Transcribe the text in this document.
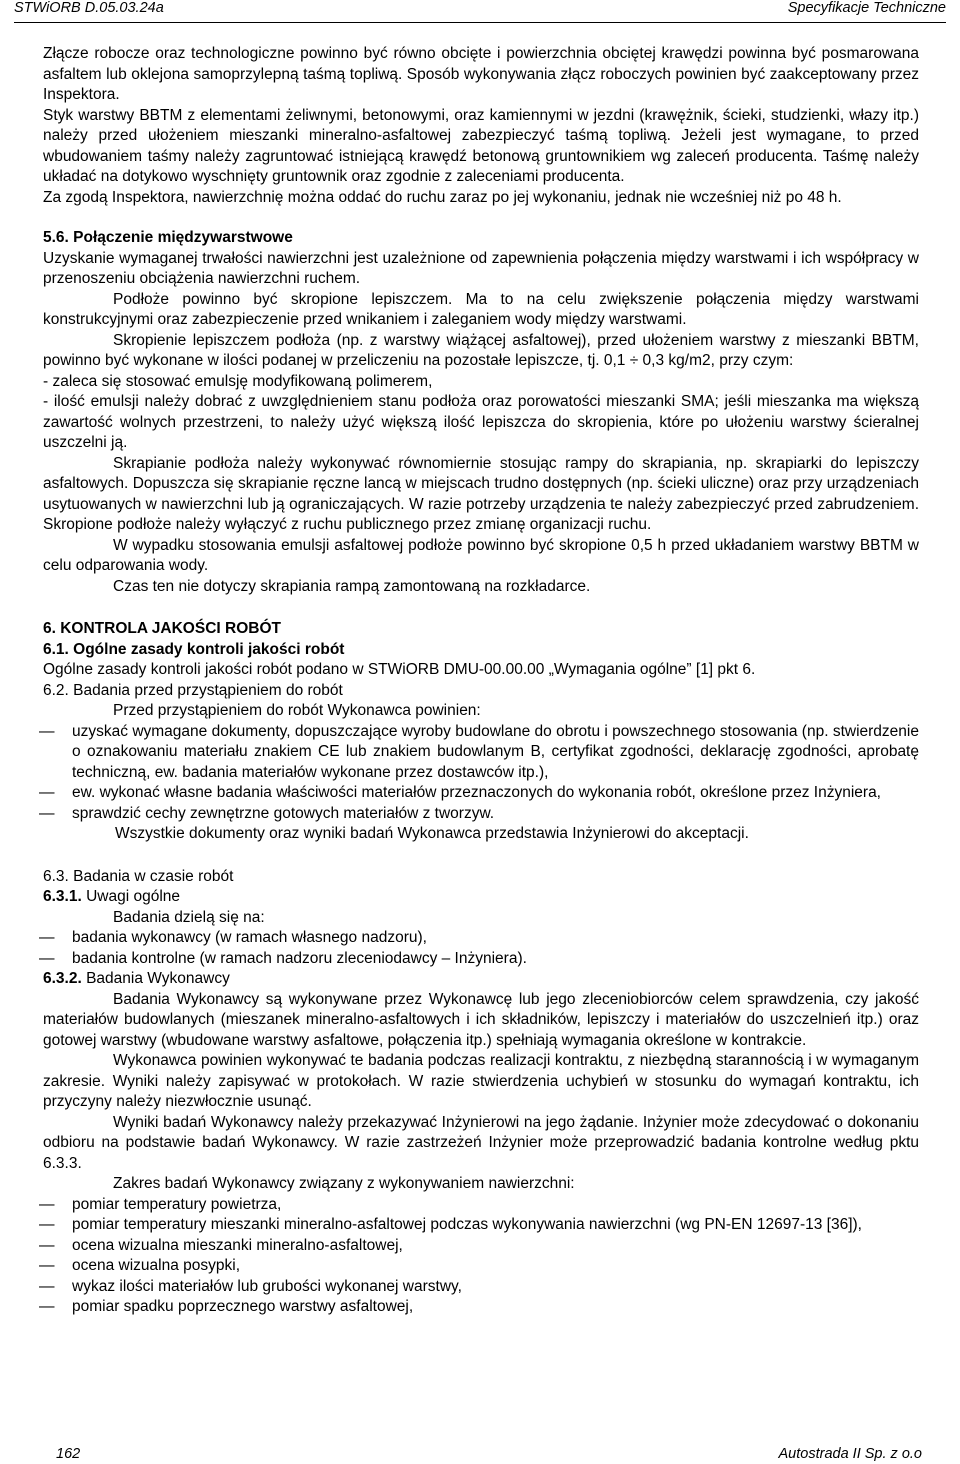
STWiORB D.05.03.24a	Specyfikacje Techniczne

Złącze robocze oraz technologiczne powinno być równo obcięte i powierzchnia obciętej krawędzi powinna być posmarowana asfaltem lub oklejona samoprzylepną taśmą topliwą. Sposób wykonywania złącz roboczych powinien być zaakceptowany przez Inspektora.

Styk warstwy BBTM z elementami żeliwnymi, betonowymi, oraz kamiennymi w jezdni (krawężnik, ścieki, studzienki, włazy itp.) należy przed ułożeniem mieszanki mineralno-asfaltowej zabezpieczyć taśmą topliwą. Jeżeli jest wymagane, to przed wbudowaniem taśmy należy zagruntować istniejącą krawędź betonową gruntownikiem wg zaleceń producenta. Taśmę należy układać na dotykowo wyschnięty gruntownik oraz zgodnie z zaleceniami producenta.

Za zgodą Inspektora, nawierzchnię można oddać do ruchu zaraz po jej wykonaniu, jednak nie wcześniej niż po 48 h.

5.6. Połączenie międzywarstwowe

Uzyskanie wymaganej trwałości nawierzchni jest uzależnione od zapewnienia połączenia między warstwami i ich współpracy w przenoszeniu obciążenia nawierzchni ruchem.

Podłoże powinno być skropione lepiszczem. Ma to na celu zwiększenie połączenia między warstwami konstrukcyjnymi oraz zabezpieczenie przed wnikaniem i zaleganiem wody między warstwami.

Skropienie lepiszczem podłoża (np. z warstwy wiążącej asfaltowej), przed ułożeniem warstwy z mieszanki BBTM, powinno być wykonane w ilości podanej w przeliczeniu na pozostałe lepiszcze, tj. 0,1 ÷ 0,3 kg/m2, przy czym:

- zaleca się stosować emulsję modyfikowaną polimerem,

- ilość emulsji należy dobrać z uwzględnieniem stanu podłoża oraz porowatości mieszanki SMA; jeśli mieszanka ma większą zawartość wolnych przestrzeni, to należy użyć większą ilość lepiszcza do skropienia, które po ułożeniu warstwy ścieralnej uszczelni ją.

Skrapianie podłoża należy wykonywać równomiernie stosując rampy do skrapiania, np. skrapiarki do lepiszczy asfaltowych. Dopuszcza się skrapianie ręczne lancą w miejscach trudno dostępnych (np. ścieki uliczne) oraz przy urządzeniach usytuowanych w nawierzchni lub ją ograniczających. W razie potrzeby urządzenia te należy zabezpieczyć przed zabrudzeniem. Skropione podłoże należy wyłączyć z ruchu publicznego przez zmianę organizacji ruchu.

W wypadku stosowania emulsji asfaltowej podłoże powinno być skropione 0,5 h przed układaniem warstwy BBTM w celu odparowania wody.

Czas ten nie dotyczy skrapiania rampą zamontowaną na rozkładarce.

6. KONTROLA JAKOŚCI ROBÓT

6.1. Ogólne zasady kontroli jakości robót

Ogólne zasady kontroli jakości robót podano w STWiORB DMU-00.00.00 „Wymagania ogólne” [1] pkt 6.

6.2. Badania przed przystąpieniem do robót

Przed przystąpieniem do robót Wykonawca powinien:

— uzyskać wymagane dokumenty, dopuszczające wyroby budowlane do obrotu i powszechnego stosowania (np. stwierdzenie o oznakowaniu materiału znakiem CE lub znakiem budowlanym B, certyfikat zgodności, deklarację zgodności, aprobatę techniczną, ew. badania materiałów wykonane przez dostawców itp.),

— ew. wykonać własne badania właściwości materiałów przeznaczonych do wykonania robót, określone przez Inżyniera,

— sprawdzić cechy zewnętrzne gotowych materiałów z tworzyw.

Wszystkie dokumenty oraz wyniki badań Wykonawca przedstawia Inżynierowi do akceptacji.

6.3. Badania w czasie robót

6.3.1. Uwagi ogólne

Badania dzielą się na:

— badania wykonawcy (w ramach własnego nadzoru),

— badania kontrolne (w ramach nadzoru zleceniodawcy – Inżyniera).

6.3.2. Badania Wykonawcy

Badania Wykonawcy są wykonywane przez Wykonawcę lub jego zleceniobiorców celem sprawdzenia, czy jakość materiałów budowlanych (mieszanek mineralno-asfaltowych i ich składników, lepiszczy i materiałów do uszczelnień itp.) oraz gotowej warstwy (wbudowane warstwy asfaltowe, połączenia itp.) spełniają wymagania określone w kontrakcie.

Wykonawca powinien wykonywać te badania podczas realizacji kontraktu, z niezbędną starannością i w wymaganym zakresie. Wyniki należy zapisywać w protokołach. W razie stwierdzenia uchybień w stosunku do wymagań kontraktu, ich przyczyny należy niezwłocznie usunąć.

Wyniki badań Wykonawcy należy przekazywać Inżynierowi na jego żądanie. Inżynier może zdecydować o dokonaniu odbioru na podstawie badań Wykonawcy. W razie zastrzeżeń Inżynier może przeprowadzić badania kontrolne według pktu 6.3.3.

Zakres badań Wykonawcy związany z wykonywaniem nawierzchni:

— pomiar temperatury powietrza,

— pomiar temperatury mieszanki mineralno-asfaltowej podczas wykonywania nawierzchni (wg PN-EN 12697-13 [36]),

— ocena wizualna mieszanki mineralno-asfaltowej,

— ocena wizualna posypki,

— wykaz ilości materiałów lub grubości wykonanej warstwy,

— pomiar spadku poprzecznego warstwy asfaltowej,

162	Autostrada II Sp. z o.o
